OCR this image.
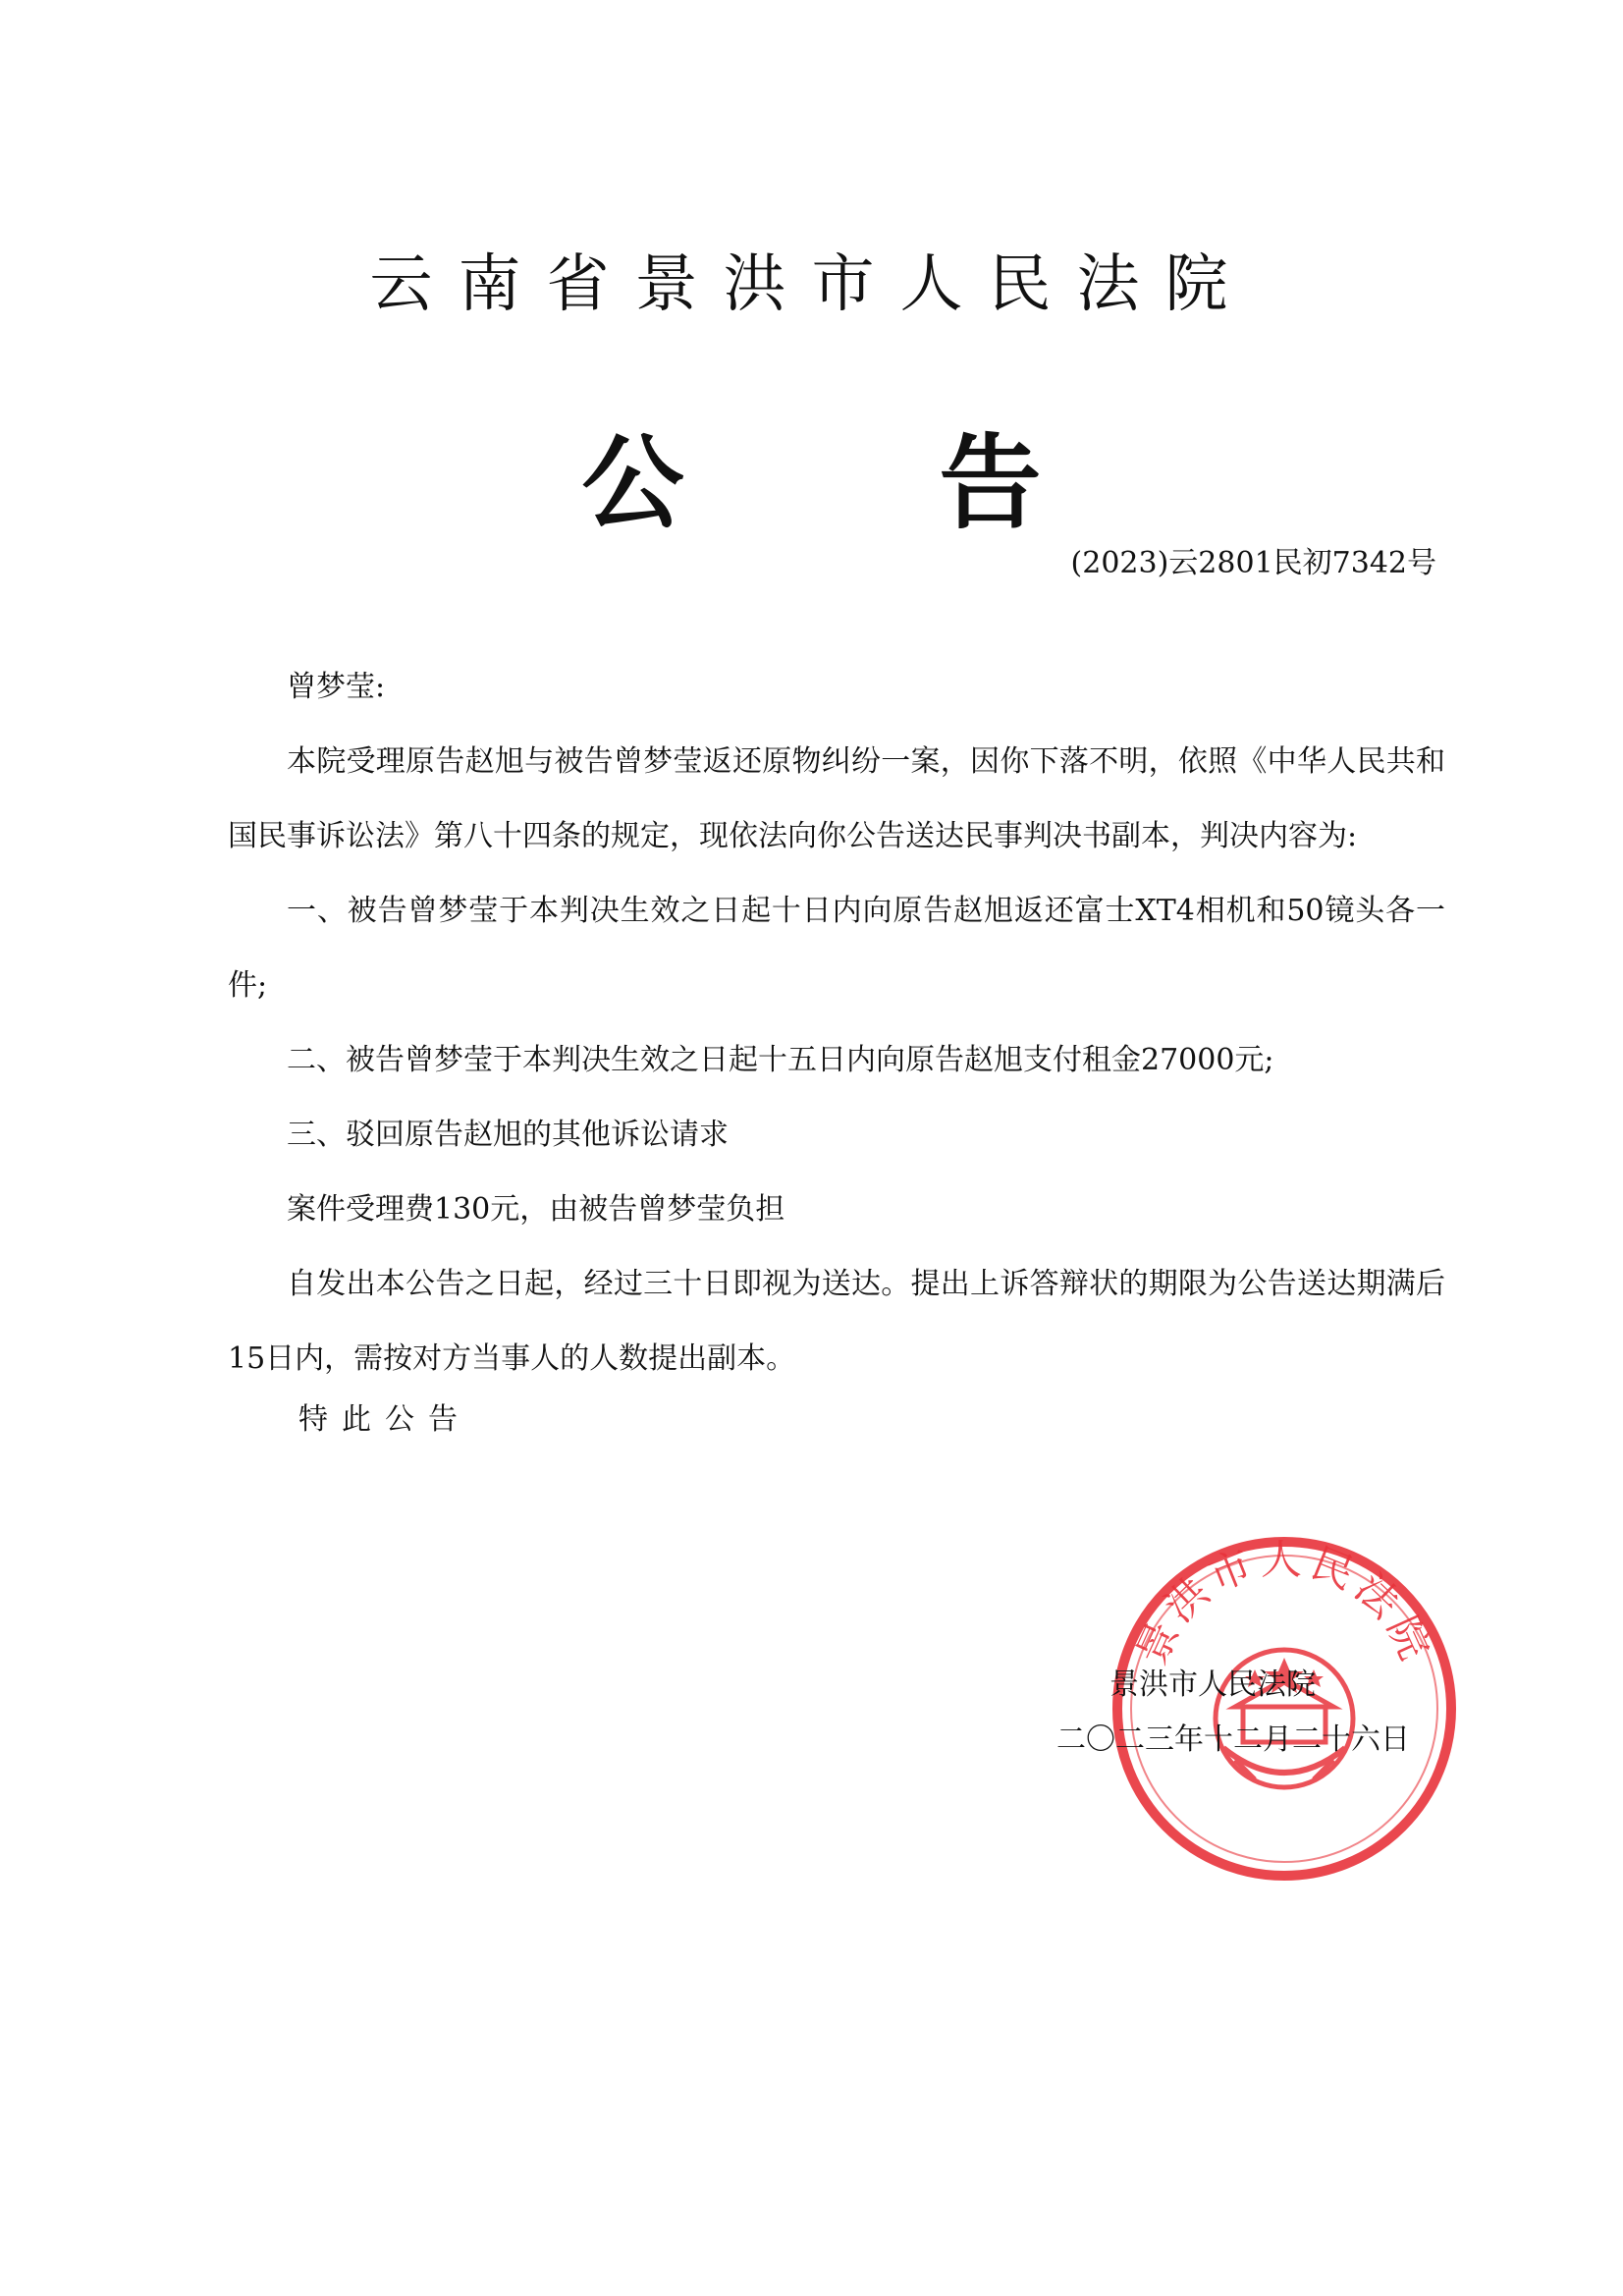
云南省景洪市人民法院
公	告
(2023)云2801民初7342号
曾梦莹:
本院受理原告赵旭与被告曾梦莹返还原物纠纷一案，因你下落不明，依照《中华人民共和国民事诉讼法》第八十四条的规定，现依法向你公告送达民事判决书副本，判决内容为:
一、被告曾梦莹于本判决生效之日起十日内向原告赵旭返还富士XT4相机和50镜头各一件;
二、被告曾梦莹于本判决生效之日起十五日内向原告赵旭支付租金27000元;
三、驳回原告赵旭的其他诉讼请求
案件受理费130元，由被告曾梦莹负担
自发出本公告之日起，经过三十日即视为送达。提出上诉答辩状的期限为公告送达期满后15日内，需按对方当事人的人数提出副本。
特此公告
景洪市人民法院
景洪市人民法院
二〇二三年十二月二十六日
